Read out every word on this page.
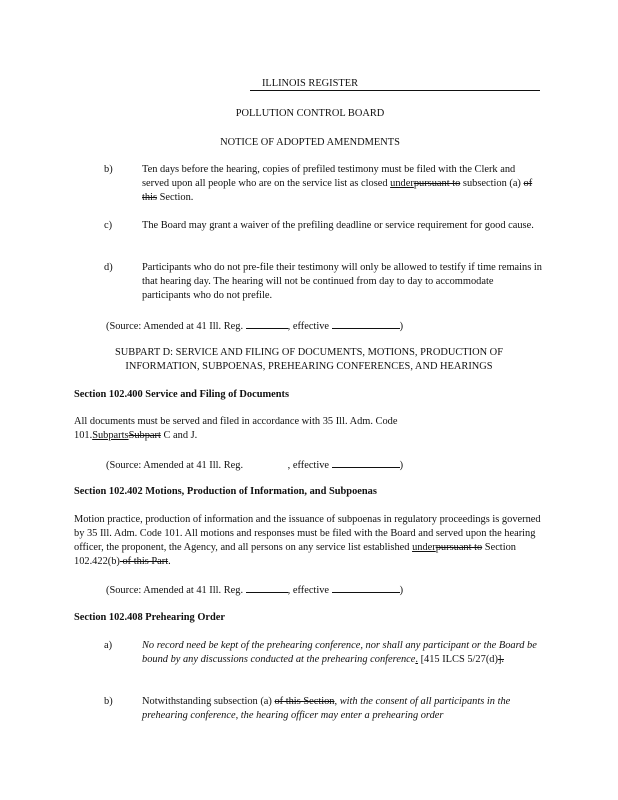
ILLINOIS REGISTER
POLLUTION CONTROL BOARD
NOTICE OF ADOPTED AMENDMENTS
b)	Ten days before the hearing, copies of prefiled testimony must be filed with the Clerk and served upon all people who are on the service list as closed underpursuant to subsection (a) of this Section.
c)	The Board may grant a waiver of the prefiling deadline or service requirement for good cause.
d)	Participants who do not pre-file their testimony will only be allowed to testify if time remains in that hearing day. The hearing will not be continued from day to day to accommodate participants who do not prefile.
(Source: Amended at 41 Ill. Reg.	, effective	)
SUBPART D: SERVICE AND FILING OF DOCUMENTS, MOTIONS, PRODUCTION OF
INFORMATION, SUBPOENAS, PREHEARING CONFERENCES, AND HEARINGS
Section 102.400 Service and Filing of Documents
All documents must be served and filed in accordance with 35 Ill. Adm. Code 101.SubpartsSubpart C and J.
(Source: Amended at 41 Ill. Reg.	, effective	)
Section 102.402 Motions, Production of Information, and Subpoenas
Motion practice, production of information and the issuance of subpoenas in regulatory proceedings is governed by 35 Ill. Adm. Code 101. All motions and responses must be filed with the Board and served upon the hearing officer, the proponent, the Agency, and all persons on any service list established underpursuant to Section 102.422(b) of this Part.
(Source: Amended at 41 Ill. Reg.	, effective	)
Section 102.408 Prehearing Order
a)	No record need be kept of the prehearing conference, nor shall any participant or the Board be bound by any discussions conducted at the prehearing conference. [415 ILCS 5/27(d)].
b)	Notwithstanding subsection (a) of this Section, with the consent of all participants in the prehearing conference, the hearing officer may enter a prehearing order
